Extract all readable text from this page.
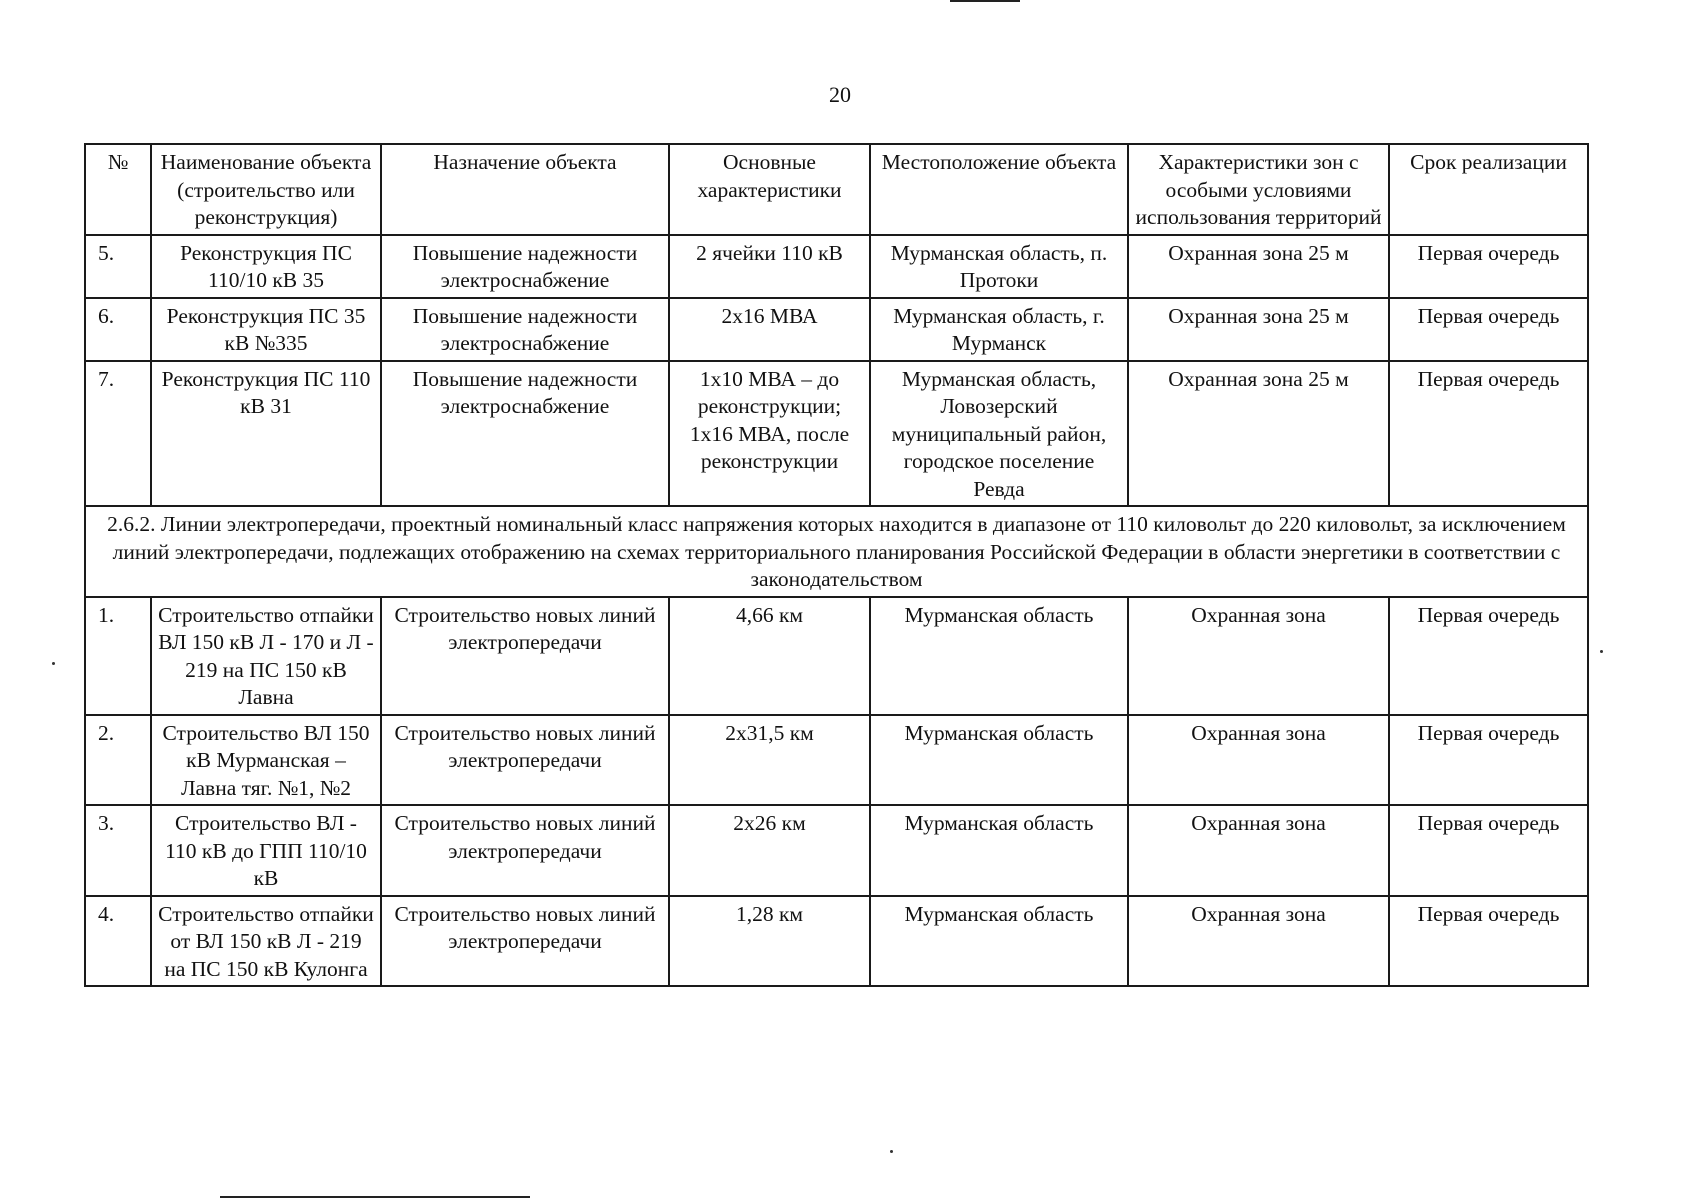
20
№	Наименование объекта (строительство или реконструкция)	Назначение объекта	Основные характеристики	Местоположение объекта	Характеристики зон с особыми условиями использования территорий	Срок реализации
5.	Реконструкция ПС 110/10 кВ 35	Повышение надежности электроснабжение	2 ячейки 110 кВ	Мурманская область, п. Протоки	Охранная зона 25 м	Первая очередь
6.	Реконструкция ПС 35 кВ №335	Повышение надежности электроснабжение	2х16 МВА	Мурманская область, г. Мурманск	Охранная зона 25 м	Первая очередь
7.	Реконструкция ПС 110 кВ 31	Повышение надежности электроснабжение	1х10 МВА – до реконструкции; 1х16 МВА, после реконструкции	Мурманская область, Ловозерский муниципальный район, городское поселение Ревда	Охранная зона 25 м	Первая очередь
2.6.2. Линии электропередачи, проектный номинальный класс напряжения которых находится в диапазоне от 110 киловольт до 220 киловольт, за исключением линий электропередачи, подлежащих отображению на схемах территориального планирования Российской Федерации в области энергетики в соответствии с законодательством						
1.	Строительство отпайки ВЛ 150 кВ Л - 170 и Л - 219 на ПС 150 кВ Лавна	Строительство новых линий электропередачи	4,66 км	Мурманская область	Охранная зона	Первая очередь
2.	Строительство ВЛ 150 кВ Мурманская – Лавна тяг. №1, №2	Строительство новых линий электропередачи	2х31,5 км	Мурманская область	Охранная зона	Первая очередь
3.	Строительство ВЛ - 110 кВ до ГПП 110/10 кВ	Строительство новых линий электропередачи	2х26 км	Мурманская область	Охранная зона	Первая очередь
4.	Строительство отпайки от ВЛ 150 кВ Л - 219 на ПС 150 кВ Кулонга	Строительство новых линий электропередачи	1,28 км	Мурманская область	Охранная зона	Первая очередь
